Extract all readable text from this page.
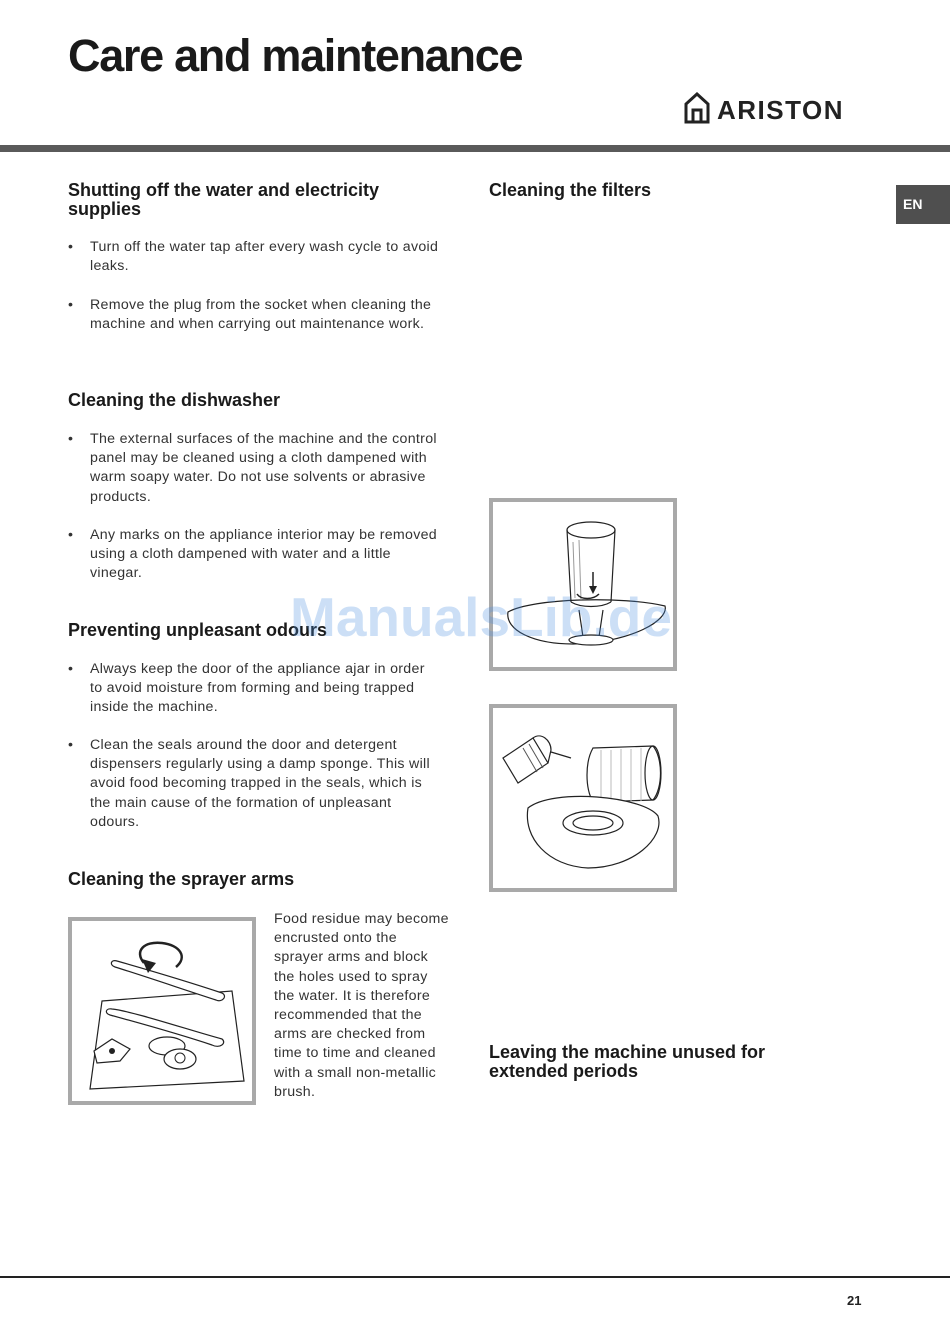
Care and maintenance
ARISTON
EN
Shutting off the water and electricity
supplies

• Turn off the water tap after every wash cycle to avoid leaks.

• Remove the plug from the socket when cleaning the machine and when carrying out maintenance work.

Cleaning the dishwasher

• The external surfaces of the machine and the control panel may be cleaned using a cloth dampened with warm soapy water. Do not use solvents or abrasive products.

• Any marks on the appliance interior may be removed using a cloth dampened with water and a little vinegar.

Preventing unpleasant odours

• Always keep the door of the appliance ajar in order to avoid moisture from forming and being trapped inside the machine.

• Clean the seals around the door and detergent dispensers regularly using a damp sponge. This will avoid food becoming trapped in the seals, which is the main cause of the formation of unpleasant odours.

Cleaning the sprayer arms

Food residue may become encrusted onto the sprayer arms and block the holes used to spray the water. It is therefore recommended that the arms are checked from time to time and cleaned with a small non-metallic brush.

Cleaning the filters
Leaving the machine unused for
extended periods
ManualsLib.de
21
